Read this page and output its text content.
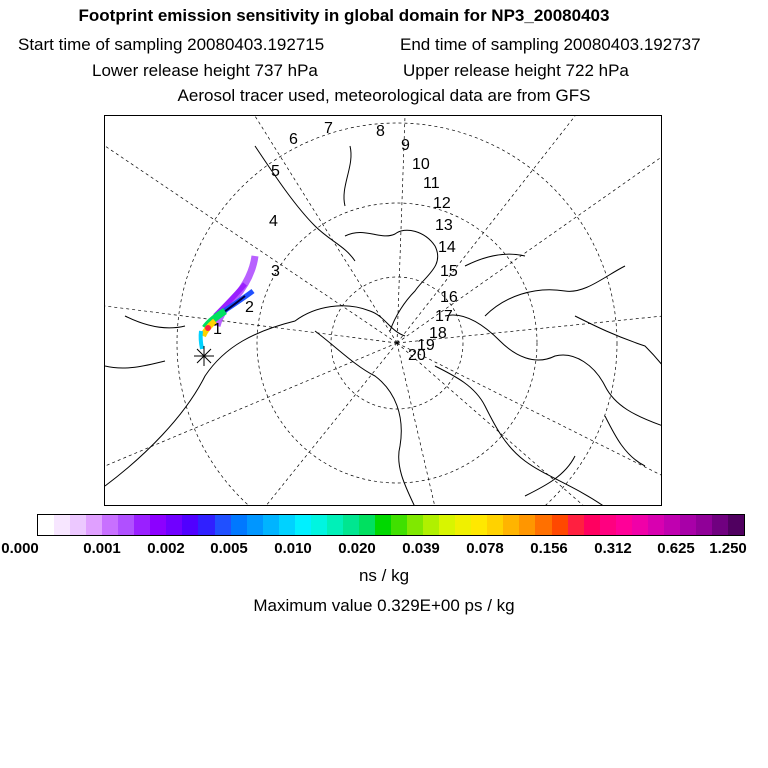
Footprint emission sensitivity in global domain for NP3_20080403
Start time of sampling 20080403.192715	End time of sampling 20080403.192737
Lower release height 737 hPa	Upper release height 722 hPa
Aerosol tracer used, meteorological data are from GFS
1
2
3
4
5
6
7	8
9
10
11
12
13
14
15
16
17
18
19
20
0.000	0.001 0.002 0.005 0.010 0.020 0.039 0.078 0.156 0.312 0.625 1.250
ns / kg
Maximum value 0.329E+00 ps / kg
